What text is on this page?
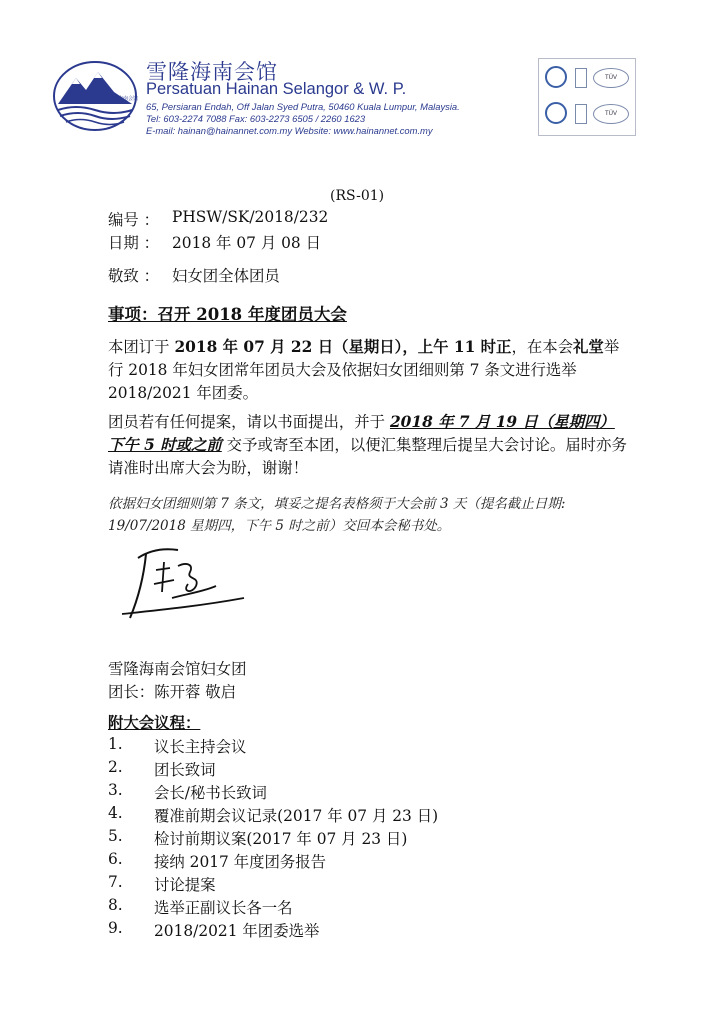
雪隆海南会馆
雪隆海南会馆
Persatuan Hainan Selangor & W. P.
65, Persiaran Endah, Off Jalan Syed Putra, 50460 Kuala Lumpur, Malaysia.
Tel: 603-2274 7088 Fax: 603-2273 6505 / 2260 1623
E-mail: hainan@hainannet.com.my Website: www.hainannet.com.my
TÜV
TÜV
(RS-01)
编号 ： PHSW/SK/2018/232
日期 ： 2018 年 07 月 08 日
敬致 ： 妇女团全体团员
事项：召开 2018 年度团员大会
本团订于 2018 年 07 月 22 日（星期日），上午 11 时正，在本会礼堂举行 2018 年妇女团常年团员大会及依据妇女团细则第 7 条文进行选举 2018/2021 年团委。
团员若有任何提案，请以书面提出，并于 2018 年 7 月 19 日（星期四）下午 5 时或之前 交予或寄至本团，以便汇集整理后提呈大会讨论。届时亦务请准时出席大会为盼，谢谢！
依据妇女团细则第 7 条文，填妥之提名表格须于大会前 3 天（提名截止日期:
19/07/2018 星期四，下午 5 时之前）交回本会秘书处。
雪隆海南会馆妇女团
团长：陈开蓉 敬启
附大会议程：
1. 议长主持会议
2. 团长致词
3. 会长/秘书长致词
4. 覆准前期会议记录(2017 年 07 月 23 日)
5. 检讨前期议案(2017 年 07 月 23 日)
6. 接纳 2017 年度团务报告
7. 讨论提案
8. 选举正副议长各一名
9. 2018/2021 年团委选举
